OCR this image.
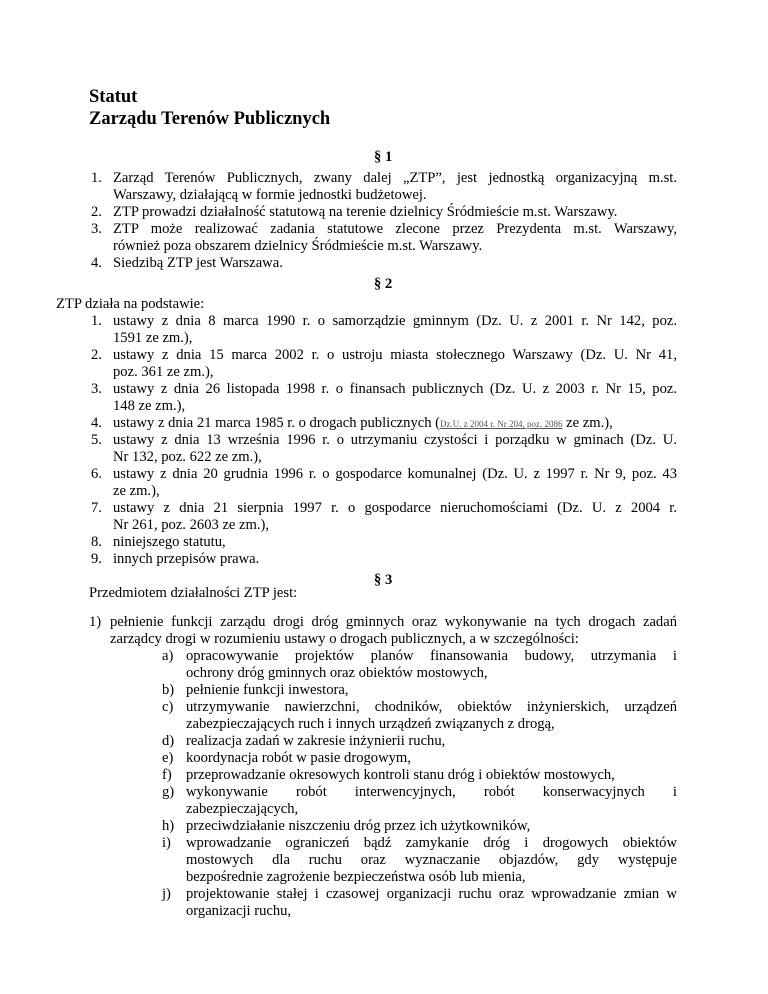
Statut
Zarządu Terenów Publicznych
§ 1
1. Zarząd Terenów Publicznych, zwany dalej „ZTP”, jest jednostką organizacyjną m.st.
Warszawy, działającą w formie jednostki budżetowej.
2. ZTP prowadzi działalność statutową na terenie dzielnicy Śródmieście m.st. Warszawy.
3. ZTP może realizować zadania statutowe zlecone przez Prezydenta m.st. Warszawy,
również poza obszarem dzielnicy Śródmieście m.st. Warszawy.
4. Siedzibą ZTP jest Warszawa.
§ 2
ZTP działa na podstawie:
1. ustawy z dnia 8 marca 1990 r. o samorządzie gminnym (Dz. U. z 2001 r. Nr 142, poz.
1591 ze zm.),
2. ustawy z dnia 15 marca 2002 r. o ustroju miasta stołecznego Warszawy (Dz. U. Nr 41,
poz. 361 ze zm.),
3. ustawy z dnia 26 listopada 1998 r. o finansach publicznych (Dz. U. z 2003 r. Nr 15, poz.
148 ze zm.),
4. ustawy z dnia 21 marca 1985 r. o drogach publicznych (Dz.U. z 2004 r. Nr 204, poz. 2086 ze zm.),
5. ustawy z dnia 13 września 1996 r. o utrzymaniu czystości i porządku w gminach (Dz. U.
Nr 132, poz. 622 ze zm.),
6. ustawy z dnia 20 grudnia 1996 r. o gospodarce komunalnej (Dz. U. z 1997 r. Nr 9, poz. 43
ze zm.),
7. ustawy z dnia 21 sierpnia 1997 r. o gospodarce nieruchomościami (Dz. U. z 2004 r.
Nr 261, poz. 2603 ze zm.),
8. niniejszego statutu,
9. innych przepisów prawa.
§ 3
Przedmiotem działalności ZTP jest:
1) pełnienie funkcji zarządu drogi dróg gminnych oraz wykonywanie na tych drogach zadań
zarządcy drogi w rozumieniu ustawy o drogach publicznych, a w szczególności:
a) opracowywanie projektów planów finansowania budowy, utrzymania i
ochrony dróg gminnych oraz obiektów mostowych,
b) pełnienie funkcji inwestora,
c) utrzymywanie nawierzchni, chodników, obiektów inżynierskich, urządzeń
zabezpieczających ruch i innych urządzeń związanych z drogą,
d) realizacja zadań w zakresie inżynierii ruchu,
e) koordynacja robót w pasie drogowym,
f) przeprowadzanie okresowych kontroli stanu dróg i obiektów mostowych,
g) wykonywanie robót interwencyjnych, robót konserwacyjnych i
zabezpieczających,
h) przeciwdziałanie niszczeniu dróg przez ich użytkowników,
i) wprowadzanie ograniczeń bądź zamykanie dróg i drogowych obiektów
mostowych dla ruchu oraz wyznaczanie objazdów, gdy występuje
bezpośrednie zagrożenie bezpieczeństwa osób lub mienia,
j) projektowanie stałej i czasowej organizacji ruchu oraz wprowadzanie zmian w
organizacji ruchu,
